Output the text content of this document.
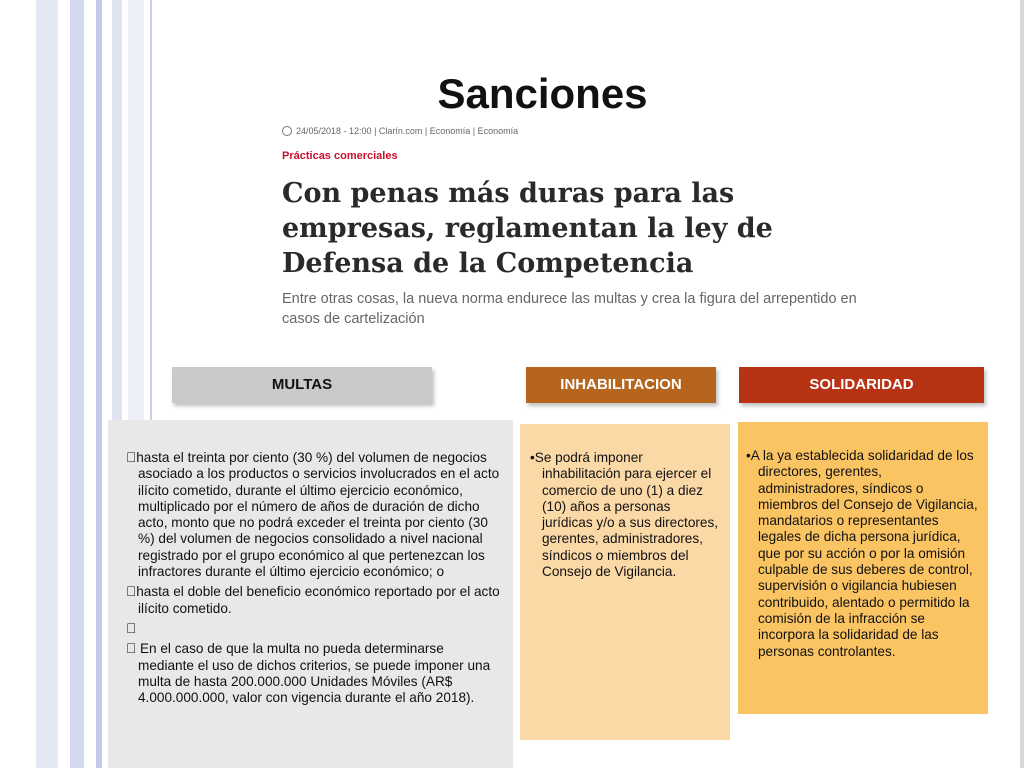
Sanciones
24/05/2018 - 12:00 | Clarín.com | Economía | Economía
Prácticas comerciales
Con penas más duras para las empresas, reglamentan la ley de Defensa de la Competencia
Entre otras cosas, la nueva norma endurece las multas y crea la figura del arrepentido en casos de cartelización
MULTAS	INHABILITACION	SOLIDARIDAD

hasta el treinta por ciento (30 %) del volumen de negocios asociado a los productos o servicios involucrados en el acto ilícito cometido, durante el último ejercicio económico, multiplicado por el número de años de duración de dicho acto, monto que no podrá exceder el treinta por ciento (30 %) del volumen de negocios consolidado a nivel nacional registrado por el grupo económico al que pertenezcan los infractores durante el último ejercicio económico; o

hasta el doble del beneficio económico reportado por el acto ilícito cometido.

En el caso de que la multa no pueda determinarse mediante el uso de dichos criterios, se puede imponer una multa de hasta 200.000.000 Unidades Móviles (AR$ 4.000.000.000, valor con vigencia durante el año 2018).

•Se podrá imponer inhabilitación para ejercer el comercio de uno (1) a diez (10) años a personas jurídicas y/o a sus directores, gerentes, administradores, síndicos o miembros del Consejo de Vigilancia.

•A la ya establecida solidaridad de los directores, gerentes, administradores, síndicos o miembros del Consejo de Vigilancia, mandatarios o representantes legales de dicha persona jurídica, que por su acción o por la omisión culpable de sus deberes de control, supervisión o vigilancia hubiesen contribuido, alentado o permitido la comisión de la infracción se incorpora la solidaridad de las personas controlantes.
